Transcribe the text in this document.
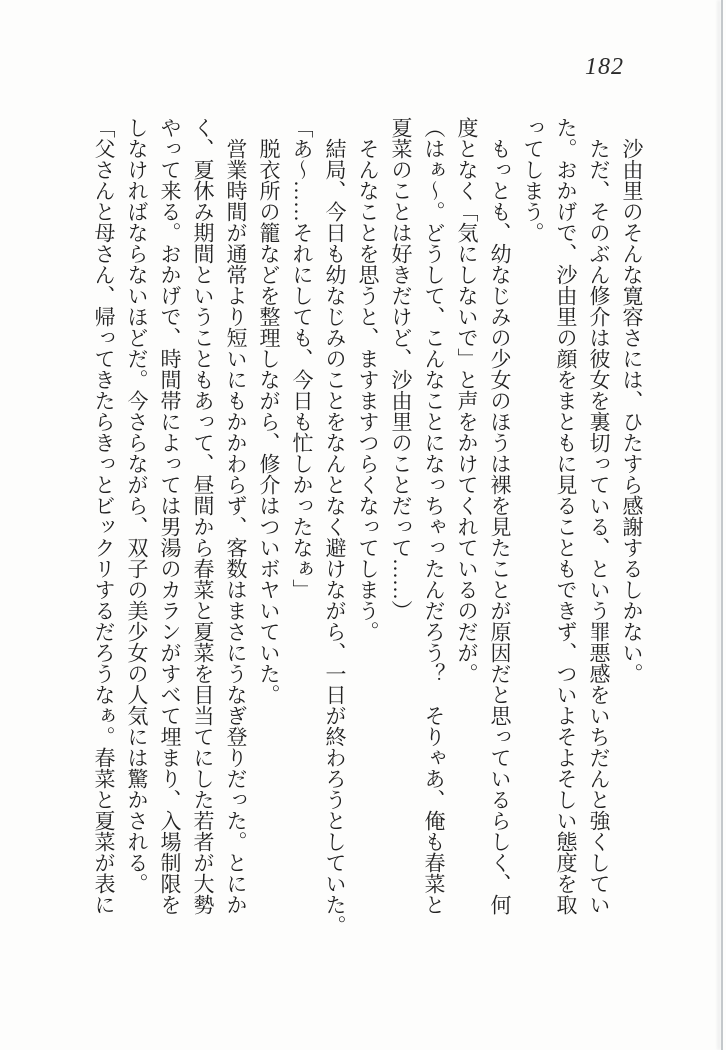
182
　沙由里のそんな寛容さには、ひたすら感謝するしかない。
　ただ、そのぶん修介は彼女を裏切っている、という罪悪感をいちだんと強くしてい
た。おかげで、沙由里の顔をまともに見ることもできず、ついよそよそしい態度を取
ってしまう。
　もっとも、幼なじみの少女のほうは裸を見たことが原因だと思っているらしく、何
度となく「気にしないで」と声をかけてくれているのだが。
（はぁ〜。どうして、こんなことになっちゃったんだろう？　そりゃあ、俺も春菜と
夏菜のことは好きだけど、沙由里のことだって……）
　そんなことを思うと、ますますつらくなってしまう。
　結局、今日も幼なじみのことをなんとなく避けながら、一日が終わろうとしていた。
「あ〜……それにしても、今日も忙しかったなぁ」
　脱衣所の籠などを整理しながら、修介はついボヤいていた。
　営業時間が通常より短いにもかかわらず、客数はまさにうなぎ登りだった。とにか
く、夏休み期間ということもあって、昼間から春菜と夏菜を目当てにした若者が大勢
やって来る。おかげで、時間帯によっては男湯のカランがすべて埋まり、入場制限を
しなければならないほどだ。今さらながら、双子の美少女の人気には驚かされる。
「父さんと母さん、帰ってきたらきっとビックリするだろうなぁ。春菜と夏菜が表に
